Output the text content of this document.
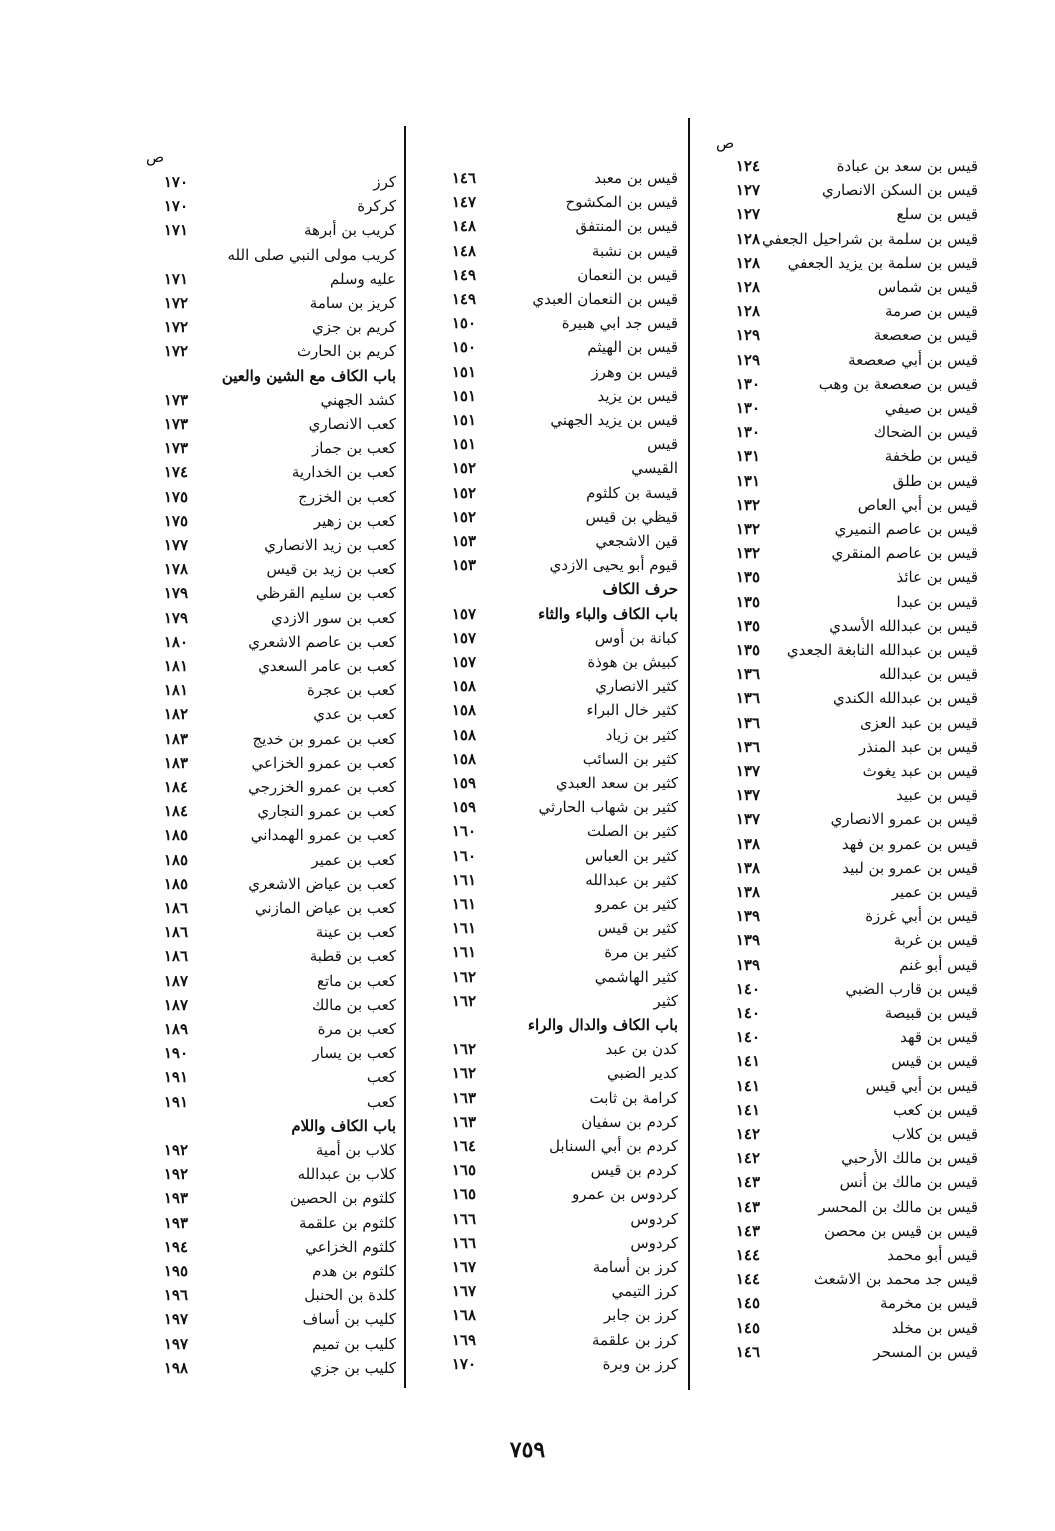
ص
ص	قيس بن سعد بن عبادة
١٢٤
قيس بن السكن الانصاري
١٢٧
قيس بن سلع
١٢٧
قيس بن سلمة بن شراحيل الجعفي
١٢٨
قيس بن سلمة بن يزيد الجعفي
١٢٨
قيس بن شماس
١٢٨
قيس بن صرمة
١٢٨
قيس بن صعصعة
١٢٩
قيس بن أبي صعصعة
١٢٩
قيس بن صعصعة بن وهب
١٣٠
قيس بن صيفي
١٣٠
قيس بن الضحاك
١٣٠
قيس بن طخفة
١٣١
قيس بن طلق
١٣١
قيس بن أبي العاص
١٣٢
قيس بن عاصم النميري
١٣٢
قيس بن عاصم المنقري
١٣٢
قيس بن عائذ
١٣٥
قيس بن عبدا
١٣٥
قيس بن عبدالله الأسدي
١٣٥
قيس بن عبدالله النابغة الجعدي
١٣٥
قيس بن عبدالله
١٣٦
قيس بن عبدالله الكندي
١٣٦
قيس بن عبد العزى
١٣٦
قيس بن عبد المنذر
١٣٦
قيس بن عبد يغوث
١٣٧
قيس بن عبيد
١٣٧
قيس بن عمرو الانصاري
١٣٧
قيس بن عمرو بن فهد
١٣٨
قيس بن عمرو بن لبيد
١٣٨
قيس بن عمير
١٣٨
قيس بن أبي غرزة
١٣٩
قيس بن غربة
١٣٩
قيس أبو غنم
١٣٩
قيس بن قارب الضبي
١٤٠
قيس بن قبيصة
١٤٠
قيس بن قهد
١٤٠
قيس بن قيس
١٤١
قيس بن أبي قيس
١٤١
قيس بن كعب
١٤١
قيس بن كلاب
١٤٢
قيس بن مالك الأرحبي
١٤٢
قيس بن مالك بن أنس
١٤٣
قيس بن مالك بن المحسر
١٤٣
قيس بن قيس بن محصن
١٤٣
قيس أبو محمد
١٤٤
قيس جد محمد بن الاشعث
١٤٤
قيس بن مخرمة
١٤٥
قيس بن مخلد
١٤٥
قيس بن المسحر
١٤٦
قيس بن معبد
١٤٦
قيس بن المكشوح
١٤٧
قيس بن المنتفق
١٤٨
قيس بن نشبة
١٤٨
قيس بن النعمان
١٤٩
قيس بن النعمان العبدي
١٤٩
قيس جد ابي هبيرة
١٥٠
قيس بن الهيثم
١٥٠
قيس بن وهرز
١٥١
قيس بن يزيد
١٥١
قيس بن يزيد الجهني
١٥١
قيس
١٥١
القيسي
١٥٢
قيسة بن كلثوم
١٥٢
قيظي بن قيس
١٥٢
قين الاشجعي
١٥٣
قيوم أبو يحيى الازدي
١٥٣
حرف الكاف
باب الكاف والباء والثاء
١٥٧
كبانة بن أوس
١٥٧
كبيش بن هوذة
١٥٧
كثير الانصاري
١٥٨
كثير خال البراء
١٥٨
كثير بن زياد
١٥٨
كثير بن السائب
١٥٨
كثير بن سعد العبدي
١٥٩
كثير بن شهاب الحارثي
١٥٩
كثير بن الصلت
١٦٠
كثير بن العباس
١٦٠
كثير بن عبدالله
١٦١
كثير بن عمرو
١٦١
كثير بن قيس
١٦١
كثير بن مرة
١٦١
كثير الهاشمي
١٦٢
كثير
١٦٢
باب الكاف والدال والراء
كدن بن عبد
١٦٢
كدير الضبي
١٦٢
كرامة بن ثابت
١٦٣
كردم بن سفيان
١٦٣
كردم بن أبي السنابل
١٦٤
كردم بن قيس
١٦٥
كردوس بن عمرو
١٦٥
كردوس
١٦٦
كردوس
١٦٦
كرز بن أسامة
١٦٧
كرز التيمي
١٦٧
كرز بن جابر
١٦٨
كرز بن علقمة
١٦٩
كرز بن وبرة
١٧٠
كرز
١٧٠
كركرة
١٧٠
كريب بن أبرهة
١٧١
كريب مولى النبي صلى الله
عليه وسلم
١٧١
كريز بن سامة
١٧٢
كريم بن جزي
١٧٢
كريم بن الحارث
١٧٢
باب الكاف مع الشين والعين
كشد الجهني
١٧٣
كعب الانصاري
١٧٣
كعب بن جماز
١٧٣
كعب بن الخدارية
١٧٤
كعب بن الخزرج
١٧٥
كعب بن زهير
١٧٥
كعب بن زيد الانصاري
١٧٧
كعب بن زيد بن قيس
١٧٨
كعب بن سليم القرظي
١٧٩
كعب بن سور الازدي
١٧٩
كعب بن عاصم الاشعري
١٨٠
كعب بن عامر السعدي
١٨١
كعب بن عجرة
١٨١
كعب بن عدي
١٨٢
كعب بن عمرو بن خديج
١٨٣
كعب بن عمرو الخزاعي
١٨٣
كعب بن عمرو الخزرجي
١٨٤
كعب بن عمرو النجاري
١٨٤
كعب بن عمرو الهمداني
١٨٥
كعب بن عمير
١٨٥
كعب بن عياض الاشعري
١٨٥
كعب بن عياض المازني
١٨٦
كعب بن عينة
١٨٦
كعب بن قطبة
١٨٦
كعب بن ماتع
١٨٧
كعب بن مالك
١٨٧
كعب بن مرة
١٨٩
كعب بن يسار
١٩٠
كعب
١٩١
كعب
١٩١
باب الكاف واللام
كلاب بن أمية
١٩٢
كلاب بن عبدالله
١٩٢
كلثوم بن الحصين
١٩٣
كلثوم بن علقمة
١٩٣
كلثوم الخزاعي
١٩٤
كلثوم بن هدم
١٩٥
كلدة بن الحنبل
١٩٦
كليب بن أساف
١٩٧
كليب بن تميم
١٩٧
كليب بن جزي
١٩٨
٧٥٩
